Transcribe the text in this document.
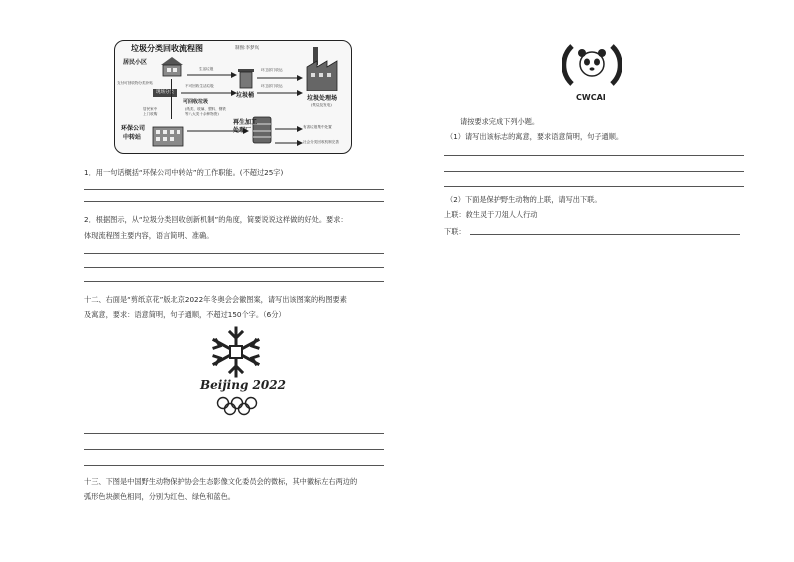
垃圾分类回收流程图	制图:李梦岚
居民小区
支付可回收物分类补贴
生活垃圾
垃圾桶
环卫部门收运
环卫部门收运
垃圾处理场
(焚烧及发电)
不可回收生活垃圾
现场分类
居民家中
上门收购
可回收垃圾
(纸类、玻璃、塑料、钢铁
等八大类十余种物资)
环保公司
中转站
再生加工
处理厂	有害垃圾集中处置
社会分类回收机制完善
1．用一句话概括“环保公司中转站”的工作职能。(不超过25字)
2．根据图示，从“垃圾分类回收创新机制”的角度，简要说说这样做的好处。要求：
体现流程图主要内容，语言简明、准确。
十二、右面是“剪纸京花”版北京2022年冬奥会会徽图案，请写出该图案的构图要素
及寓意，要求：语意简明，句子通顺，不超过150个字。（6分）
Beijing 2022
十三、下图是中国野生动物保护协会生态影像文化委员会的微标，其中徽标左右两边的
弧形色块颜色相同，分别为红色、绿色和蓝色。
CWCAI
请按要求完成下列小题。
（1）请写出该标志的寓意，要求语意简明，句子通顺。
（2）下面是保护野生动物的上联，请写出下联。
上联：救生灵于刀俎人人行动
下联：
